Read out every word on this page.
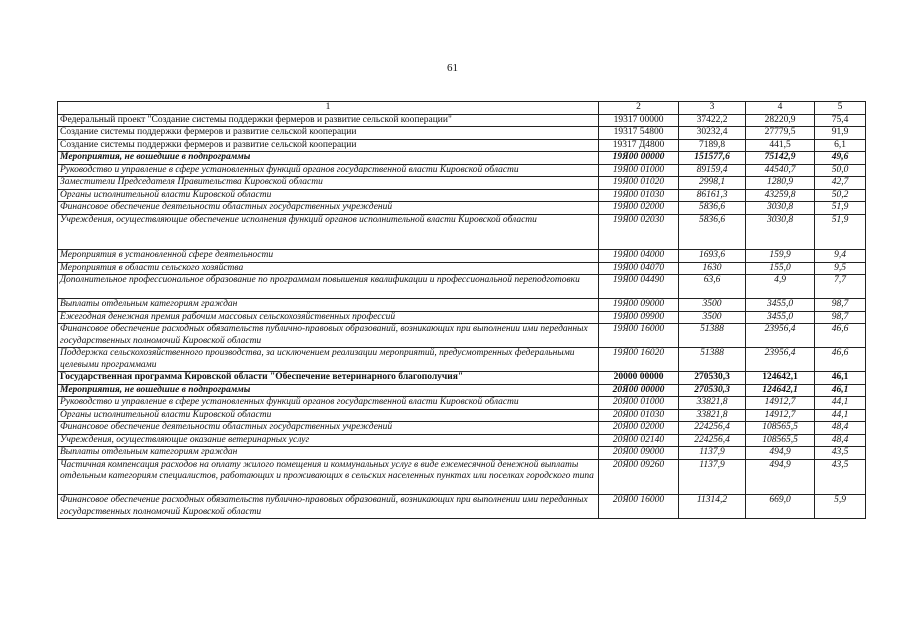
61
1	2	3	4	5
Федеральный проект "Создание системы поддержки фермеров и развитие сельской кооперации"	19317 00000	37422,2	28220,9	75,4
Создание системы поддержки фермеров и развитие сельской кооперации	19317 54800	30232,4	27779,5	91,9
Создание системы поддержки фермеров и развитие сельской кооперации	19317 Д4800	7189,8	441,5	6,1
Мероприятия, не вошедшие в подпрограммы	19Я00 00000	151577,6	75142,9	49,6
Руководство и управление в сфере установленных функций органов государственной власти Кировской области	19Я00 01000	89159,4	44540,7	50,0
Заместители Председателя Правительства Кировской области	19Я00 01020	2998,1	1280,9	42,7
Органы исполнительной власти Кировской области	19Я00 01030	86161,3	43259,8	50,2
Финансовое обеспечение деятельности областных государственных учреждений	19Я00 02000	5836,6	3030,8	51,9
Учреждения, осуществляющие обеспечение исполнения функций органов исполнительной власти Кировской области	19Я00 02030	5836,6	3030,8	51,9
Мероприятия в установленной сфере деятельности	19Я00 04000	1693,6	159,9	9,4
Мероприятия в области сельского хозяйства	19Я00 04070	1630	155,0	9,5
Дополнительное профессиональное образование по программам повышения квалификации и профессиональной переподготовки	19Я00 04490	63,6	4,9	7,7
Выплаты отдельным категориям граждан	19Я00 09000	3500	3455,0	98,7
Ежегодная денежная премия рабочим массовых сельскохозяйственных профессий	19Я00 09900	3500	3455,0	98,7
Финансовое обеспечение расходных обязательств публично-правовых образований, возникающих при выполнении ими переданных государственных полномочий Кировской области	19Я00 16000	51388	23956,4	46,6
Поддержка сельскохозяйственного производства, за исключением реализации мероприятий, предусмотренных федеральными целевыми программами	19Я00 16020	51388	23956,4	46,6
Государственная программа Кировской области "Обеспечение ветеринарного благополучия"	20000 00000	270530,3	124642,1	46,1
Мероприятия, не вошедшие в подпрограммы	20Я00 00000	270530,3	124642,1	46,1
Руководство и управление в сфере установленных функций органов государственной власти Кировской области	20Я00 01000	33821,8	14912,7	44,1
Органы исполнительной власти Кировской области	20Я00 01030	33821,8	14912,7	44,1
Финансовое обеспечение деятельности областных государственных учреждений	20Я00 02000	224256,4	108565,5	48,4
Учреждения, осуществляющие оказание ветеринарных услуг	20Я00 02140	224256,4	108565,5	48,4
Выплаты отдельным категориям граждан	20Я00 09000	1137,9	494,9	43,5
Частичная компенсация расходов на оплату жилого помещения и коммунальных услуг в виде ежемесячной денежной выплаты отдельным категориям специалистов, работающих и проживающих в сельских населенных пунктах или поселках городского типа	20Я00 09260	1137,9	494,9	43,5
Финансовое обеспечение расходных обязательств публично-правовых образований, возникающих при выполнении ими переданных государственных полномочий Кировской области	20Я00 16000	11314,2	669,0	5,9
